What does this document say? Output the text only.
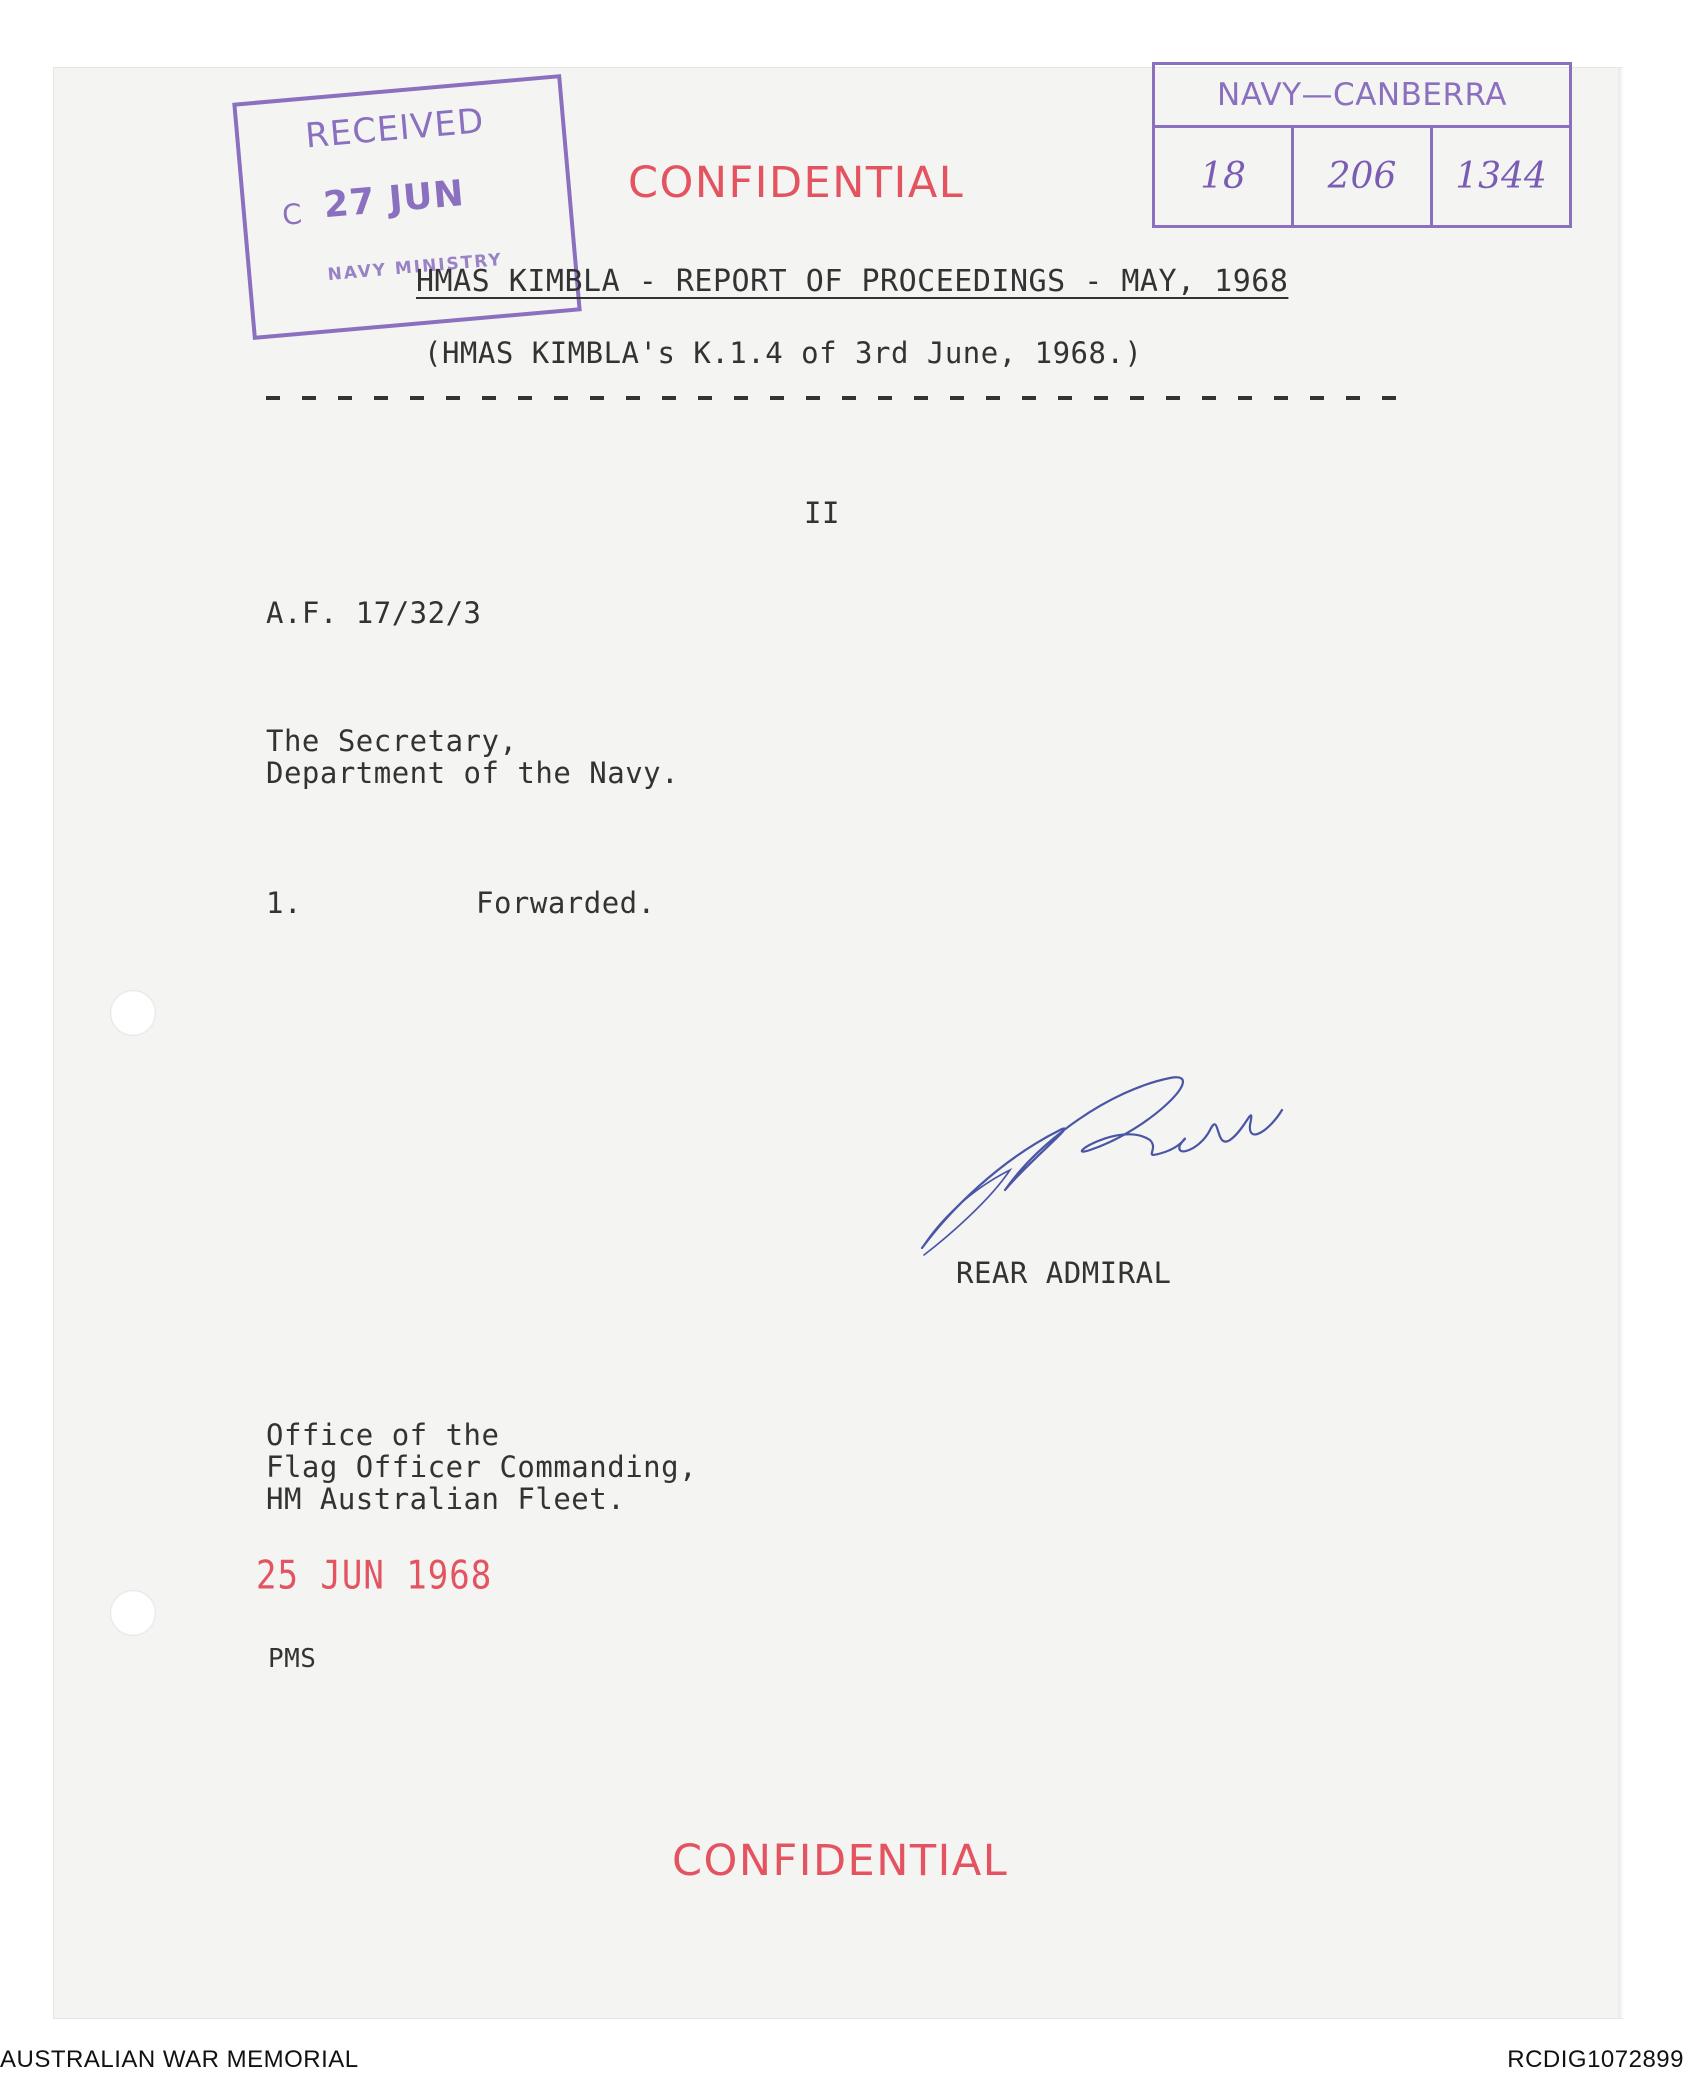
RECEIVED
C 27 JUN
NAVY MINISTRY
NAVY—CANBERRA
18	206	1344
CONFIDENTIAL
HMAS KIMBLA - REPORT OF PROCEEDINGS - MAY, 1968
(HMAS KIMBLA's K.1.4 of 3rd June, 1968.)
II
A.F. 17/32/3
The Secretary,
Department of the Navy.
1.	Forwarded.
REAR ADMIRAL
Office of the
Flag Officer Commanding,
HM Australian Fleet.
25 JUN 1968
PMS
CONFIDENTIAL
AUSTRALIAN WAR MEMORIAL	RCDIG1072899
